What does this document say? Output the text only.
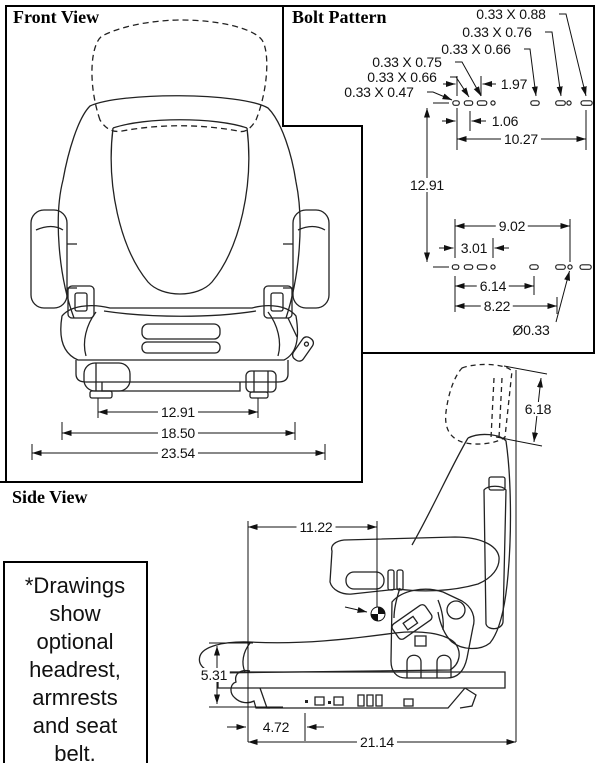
Front View	Bolt Pattern
Side View
12.91
18.50
23.54
0.33 X 0.88
0.33 X 0.76
0.33 X 0.66
0.33 X 0.75
0.33 X 0.66
0.33 X 0.47	1.97
1.06
10.27
12.91
9.02
3.01
6.14
8.22
Ø0.33
11.22
6.18
5.31
4.72
21.14
*Drawings
show
optional
headrest,
armrests
and seat
belt.
